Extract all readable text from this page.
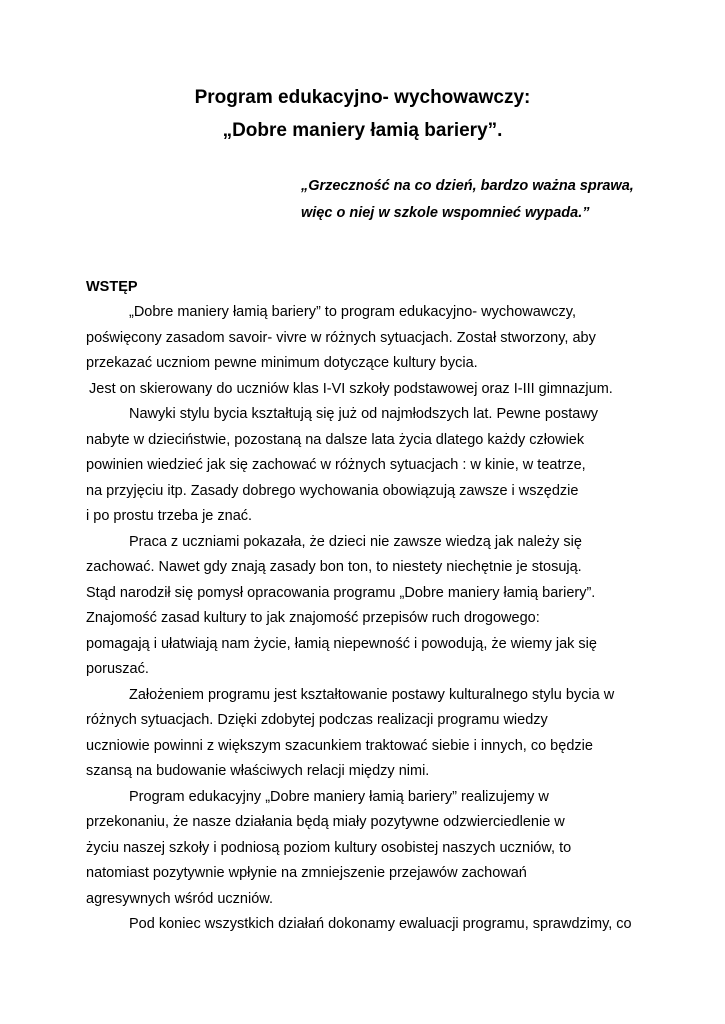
Program edukacyjno- wychowawczy:
„Dobre maniery łamią bariery”.

„Grzeczność na co dzień, bardzo ważna sprawa,

więc o niej w szkole wspomnieć wypada.”

WSTĘP
„Dobre maniery łamią bariery” to program edukacyjno- wychowawczy,
poświęcony zasadom savoir- vivre w różnych sytuacjach. Został stworzony, aby
przekazać uczniom pewne minimum dotyczące kultury bycia.
Jest on skierowany do uczniów klas I-VI szkoły podstawowej oraz I-III gimnazjum.
Nawyki stylu bycia kształtują się już od najmłodszych lat. Pewne postawy
nabyte w dzieciństwie, pozostaną na dalsze lata życia dlatego każdy człowiek
powinien wiedzieć jak się zachować w różnych sytuacjach : w kinie, w teatrze,
na przyjęciu itp. Zasady dobrego wychowania obowiązują zawsze i wszędzie
i po prostu trzeba je znać.
Praca z uczniami pokazała, że dzieci nie zawsze wiedzą jak należy się
zachować. Nawet gdy znają zasady bon ton, to niestety niechętnie je stosują.
Stąd narodził się pomysł opracowania programu „Dobre maniery łamią bariery”.
Znajomość zasad kultury to jak znajomość przepisów ruch drogowego:
pomagają i ułatwiają nam życie, łamią niepewność i powodują, że wiemy jak się
poruszać.
Założeniem programu jest kształtowanie postawy kulturalnego stylu bycia w
różnych sytuacjach. Dzięki zdobytej podczas realizacji programu wiedzy
uczniowie powinni z większym szacunkiem traktować siebie i innych, co będzie
szansą na budowanie właściwych relacji między nimi.
Program edukacyjny „Dobre maniery łamią bariery” realizujemy w
przekonaniu, że nasze działania będą miały pozytywne odzwierciedlenie w
życiu naszej szkoły i podniosą poziom kultury osobistej naszych uczniów, to
natomiast pozytywnie wpłynie na zmniejszenie przejawów zachowań
agresywnych wśród uczniów.
Pod koniec wszystkich działań dokonamy ewaluacji programu, sprawdzimy, co
